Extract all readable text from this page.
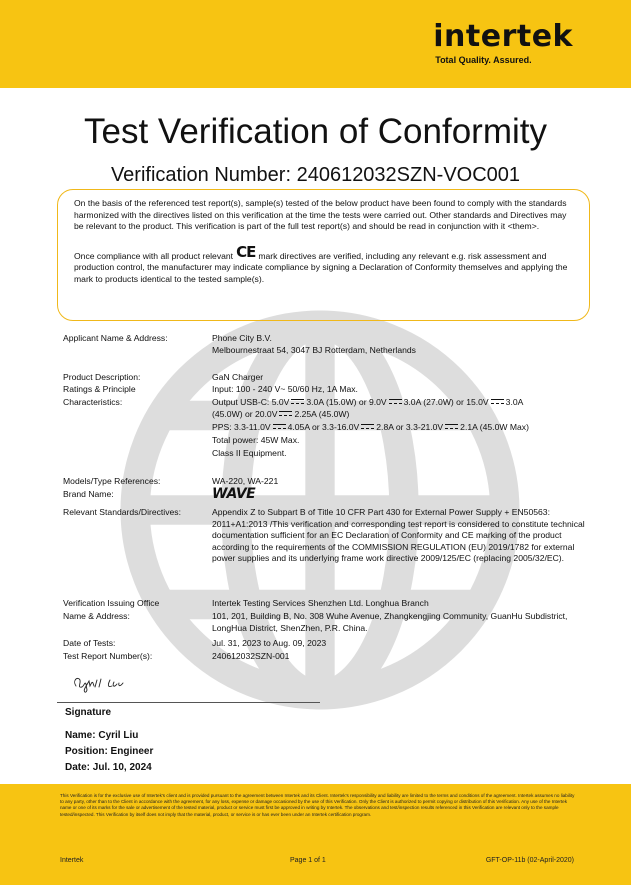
intertek
Total Quality. Assured.
Test Verification of Conformity
Verification Number: 240612032SZN-VOC001

On the basis of the referenced test report(s), sample(s) tested of the below product have been found to comply with the standards harmonized with the directives listed on this verification at the time the tests were carried out. Other standards and Directives may be relevant to the product. This verification is part of the full test report(s) and should be read in conjunction with it <them>.

Once compliance with all product relevant CE mark directives are verified, including any relevant e.g. risk assessment and production control, the manufacturer may indicate compliance by signing a Declaration of Conformity themselves and applying the mark to products identical to the tested sample(s).

Applicant Name & Address:	Phone City B.V.
Melbournestraat 54, 3047 BJ Rotterdam, Netherlands
Product Description:	GaN Charger
Ratings & Principle	Input: 100 - 240 V~ 50/60 Hz, 1A Max.
Characteristics:	Output USB-C: 5.0V 3.0A (15.0W) or 9.0V 3.0A (27.0W) or 15.0V 3.0A
(45.0W) or 20.0V 2.25A (45.0W)
PPS: 3.3-11.0V 4.05A or 3.3-16.0V 2.8A or 3.3-21.0V 2.1A (45.0W Max)
Total power: 45W Max.
Class II Equipment.
Models/Type References:	WA-220, WA-221
Brand Name:	WAVE
Relevant Standards/Directives:	Appendix Z to Subpart B of Title 10 CFR Part 430 for External Power Supply + EN50563: 2011+A1:2013 /This verification and corresponding test report is considered to constitute technical documentation sufficient for an EC Declaration of Conformity and CE marking of the product according to the requirements of the COMMISSION REGULATION (EU) 2019/1782 for external power supplies and its underlying frame work directive 2009/125/EC (replacing 2005/32/EC).
Verification Issuing Office	Intertek Testing Services Shenzhen Ltd. Longhua Branch
Name & Address:	101, 201, Building B, No. 308 Wuhe Avenue, Zhangkengjing Community, GuanHu Subdistrict, LongHua District, ShenZhen, P.R. China.
Date of Tests:	Jul. 31, 2023 to Aug. 09, 2023
Test Report Number(s):	240612032SZN-001
Signature
Name: Cyril Liu
Position: Engineer
Date: Jul. 10, 2024
This Verification is for the exclusive use of Intertek's client and is provided pursuant to the agreement between Intertek and its Client. Intertek's responsibility and liability are limited to the terms and conditions of the agreement. Intertek assumes no liability to any party, other than to the Client in accordance with the agreement, for any loss, expense or damage occasioned by the use of this Verification. Only the Client is authorized to permit copying or distribution of this Verification. Any use of the Intertek name or one of its marks for the sale or advertisement of the tested material, product or service must first be approved in writing by Intertek. The observations and test/inspection results referenced in this Verification are relevant only to the sample tested/inspected. This Verification by itself does not imply that the material, product, or service is or has ever been under an Intertek certification program.
Intertek	Page 1 of 1	GFT-OP-11b (02-April-2020)
